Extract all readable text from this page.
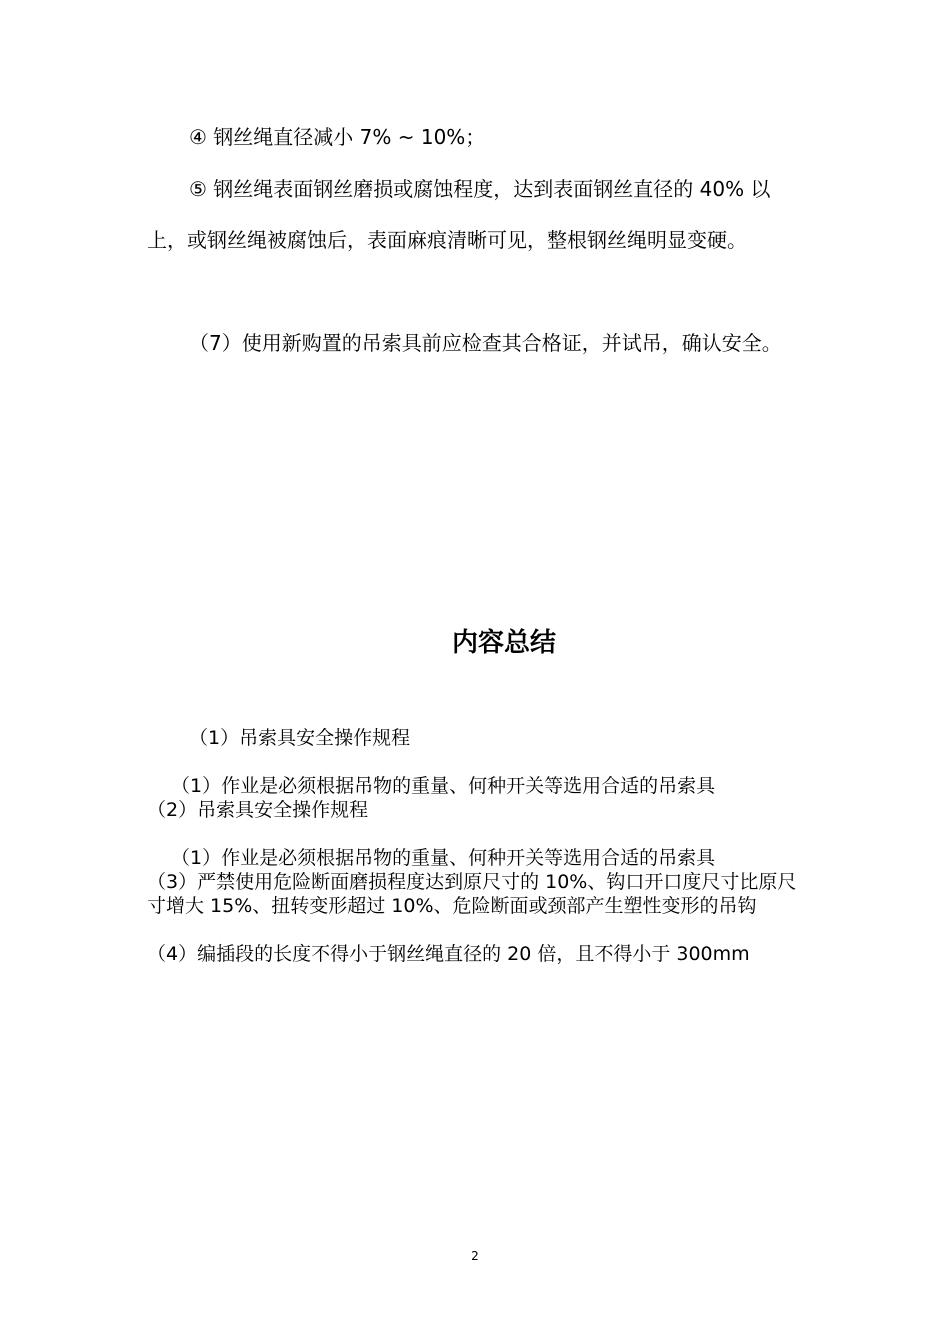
④ 钢丝绳直径减小 7% ~ 10%；

⑤ 钢丝绳表面钢丝磨损或腐蚀程度，达到表面钢丝直径的 40% 以上，或钢丝绳被腐蚀后，表面麻痕清晰可见，整根钢丝绳明显变硬。

（7）使用新购置的吊索具前应检查其合格证，并试吊，确认安全。

内容总结

（1）吊索具安全操作规程

（1）作业是必须根据吊物的重量、何种开关等选用合适的吊索具

（2）吊索具安全操作规程

（1）作业是必须根据吊物的重量、何种开关等选用合适的吊索具

（3）严禁使用危险断面磨损程度达到原尺寸的 10%、钩口开口度尺寸比原尺寸增大 15%、扭转变形超过 10%、危险断面或颈部产生塑性变形的吊钩

（4）编插段的长度不得小于钢丝绳直径的 20 倍，且不得小于 300mm

2
